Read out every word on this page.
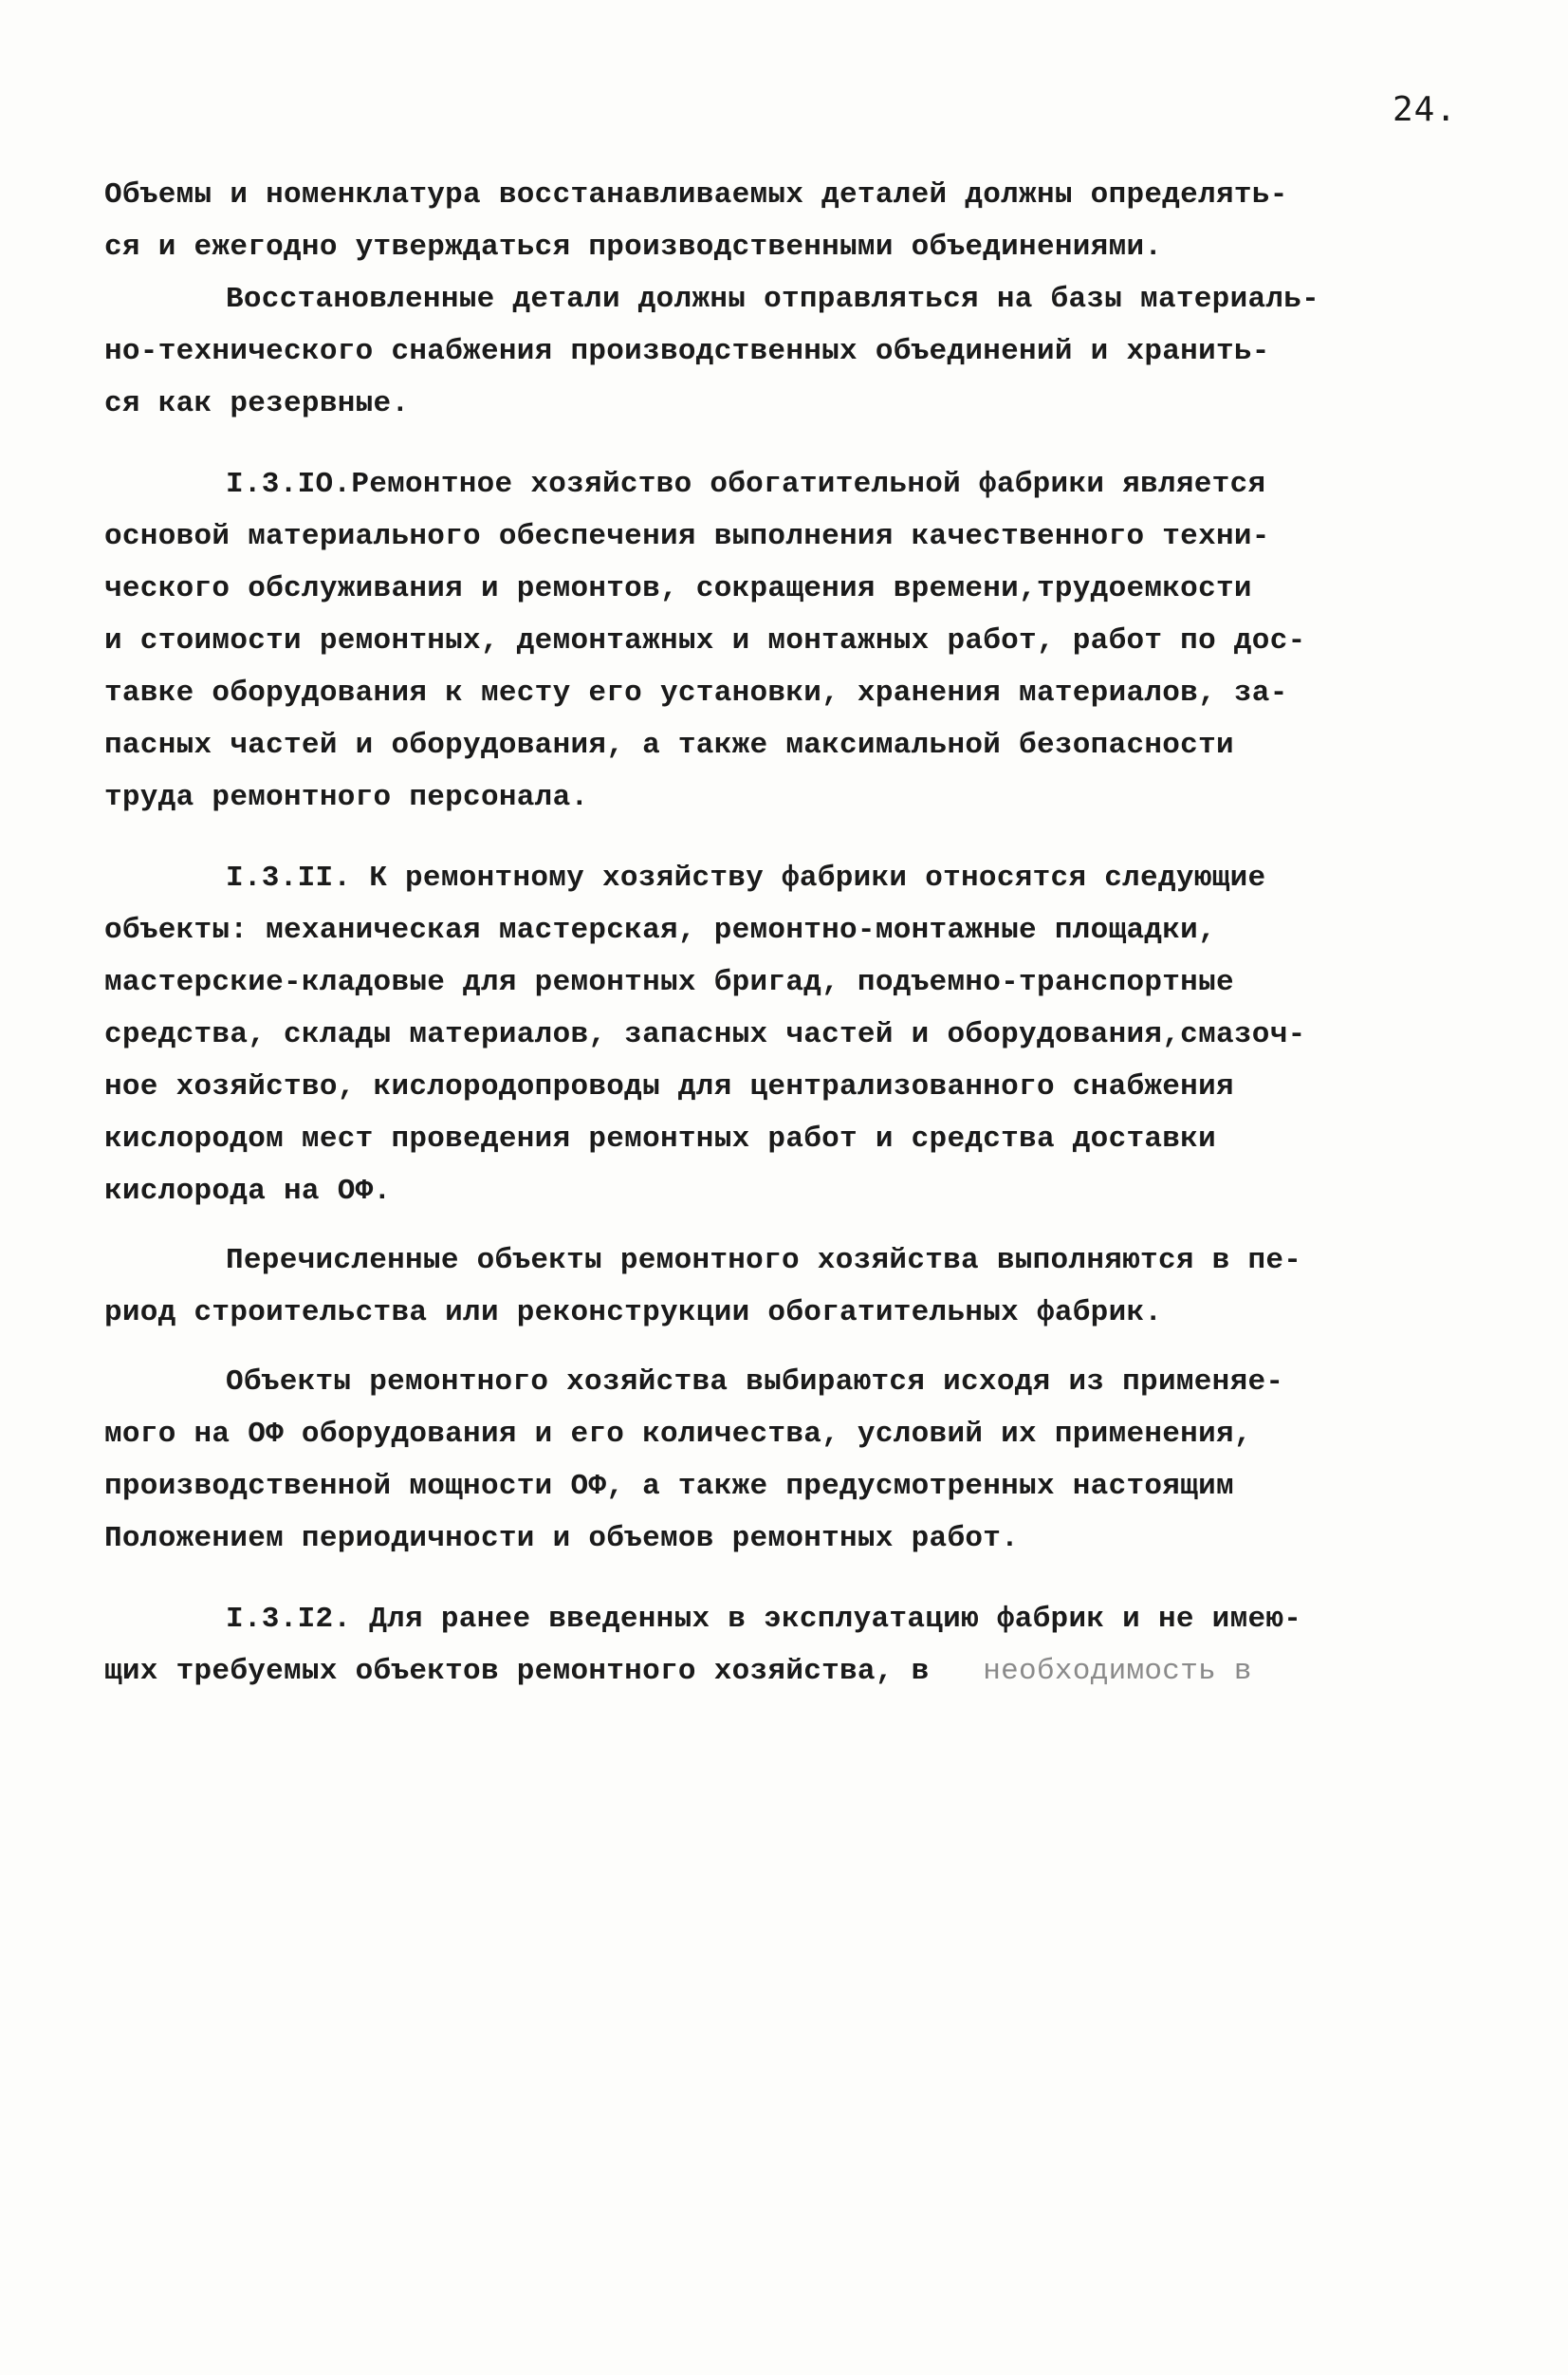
24.
Объемы и номенклатура восстанавливаемых деталей должны определять-
ся и ежегодно утверждаться производственными объединениями.
Восстановленные детали должны отправляться на базы материаль-
но-технического снабжения производственных объединений и хранить-
ся как резервные.
I.3.IO.Ремонтное хозяйство обогатительной фабрики является
основой материального обеспечения выполнения качественного техни-
ческого обслуживания и ремонтов, сокращения времени,трудоемкости
и стоимости ремонтных, демонтажных и монтажных работ, работ по дос-
тавке оборудования к месту его установки, хранения материалов, за-
пасных частей и оборудования, а также максимальной безопасности
труда ремонтного персонала.
I.3.II. К ремонтному хозяйству фабрики относятся следующие
объекты: механическая мастерская, ремонтно-монтажные площадки,
мастерские-кладовые для ремонтных бригад, подъемно-транспортные
средства, склады материалов, запасных частей и оборудования,смазоч-
ное хозяйство, кислородопроводы для централизованного снабжения
кислородом мест проведения ремонтных работ и средства доставки
кислорода на ОФ.
Перечисленные объекты ремонтного хозяйства выполняются в пе-
риод строительства или реконструкции обогатительных фабрик.
Объекты ремонтного хозяйства выбираются исходя из применяе-
мого на ОФ оборудования и его количества, условий их применения,
производственной мощности ОФ, а также предусмотренных настоящим
Положением периодичности и объемов ремонтных работ.
I.3.I2. Для ранее введенных в эксплуатацию фабрик и не имею-
щих требуемых объектов ремонтного хозяйства, в   необходимость в
